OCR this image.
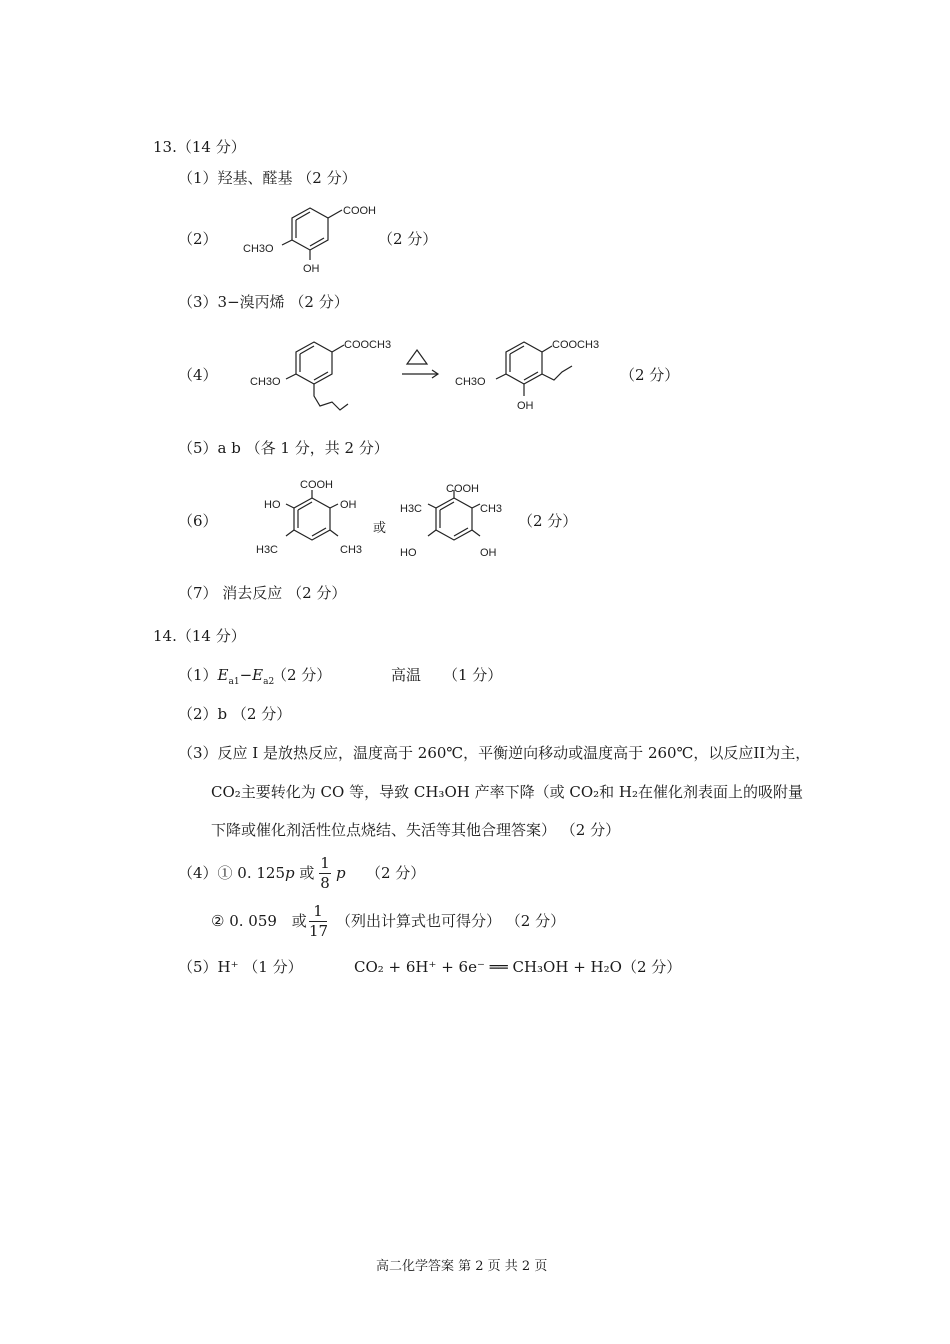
13.（14 分）
（1）羟基、醛基 （2 分）
（2）
COOH
CH3O
OH
（2 分）
（3）3−溴丙烯 （2 分）
（4）
COOCH3
CH3O
COOCH3
CH3O
OH
（2 分）
（5）a b （各 1 分，共 2 分）
（6）
COOH
HO	OH
H3C	CH3
或
COOH
H3C	CH3
HO	OH
（2 分）
（7） 消去反应 （2 分）
14.（14 分）
$(1)E_{a1}-E_{a2}$
（2 分）	高温 （1 分）
（2）b （2 分）
（3）反应 I 是放热反应，温度高于 260℃，平衡逆向移动或温度高于 260℃，以反应II为主，
CO₂主要转化为 CO 等，导致 CH₃OH 产率下降（或 CO₂和 H₂在催化剂表面上的吸附量
下降或催化剂活性位点烧结、失活等其他合理答案） （2 分）
（4）① 0. 125p 或
1
8
p （2 分）
② 0. 059 或
1
17
（列出计算式也可得分） （2 分）
（5）H⁺ （1 分）	CO₂ + 6H⁺ + 6e⁻ ══ CH₃OH + H₂O （2 分）
高二化学答案 第 2 页 共 2 页
